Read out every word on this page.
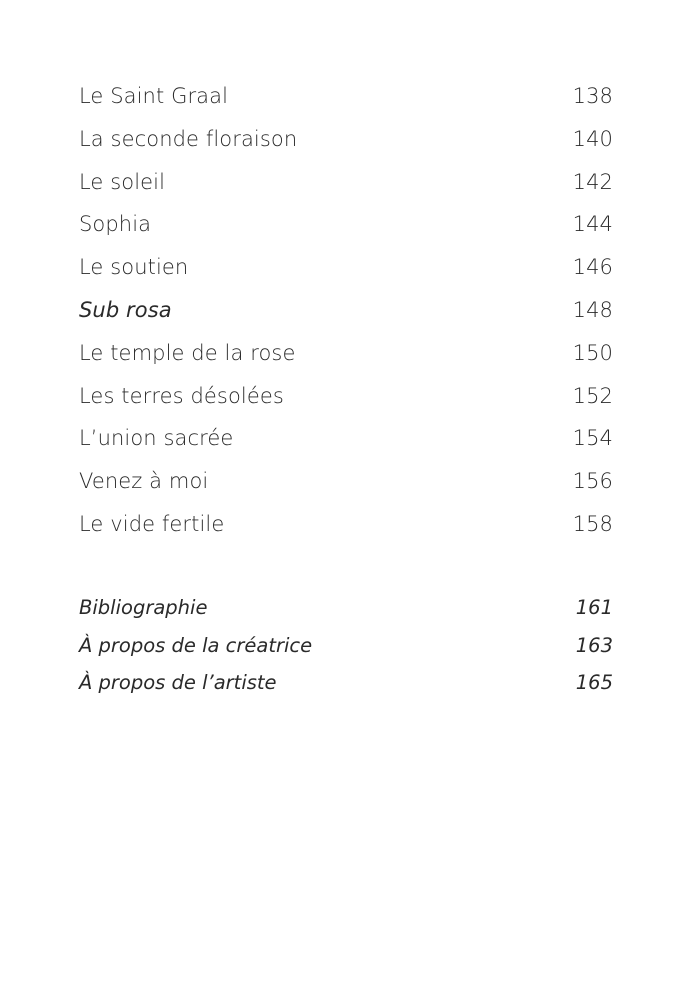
Le Saint Graal	138
La seconde floraison	140
Le soleil	142
Sophia	144
Le soutien	146
Sub rosa	148
Le temple de la rose	150
Les terres désolées	152
L’union sacrée	154
Venez à moi	156
Le vide fertile	158
Bibliographie	161
À propos de la créatrice	163
À propos de l’artiste	165
